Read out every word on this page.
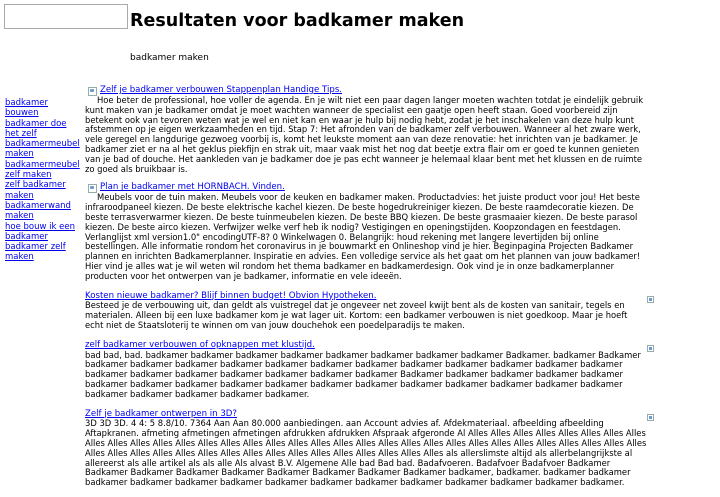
Resultaten voor badkamer maken
badkamer maken
badkamer bouwen
badkamer doe het zelf
badkamermeubel maken
badkamermeubel zelf maken
zelf badkamer maken
badkamerwand maken
hoe bouw ik een badkamer
badkamer zelf maken
Zelf je badkamer verbouwen Stappenplan Handige Tips.

Hoe beter de professional, hoe voller de agenda. En je wilt niet een paar dagen langer moeten wachten totdat je eindelijk gebruik kunt maken van je badkamer omdat je moet wachten wanneer de specialist een gaatje open heeft staan. Goed voorbereid zijn betekent ook van tevoren weten wat je wel en niet kan en waar je hulp bij nodig hebt, zodat je het inschakelen van deze hulp kunt afstemmen op je eigen werkzaamheden en tijd. Stap 7: Het afronden van de badkamer zelf verbouwen. Wanneer al het zware werk, vele geregel en langdurige gezwoeg voorbij is, komt het leukste moment aan van deze renovatie: het inrichten van je badkamer. Je badkamer ziet er na al het geklus piekfijn en strak uit, maar vaak mist het nog dat beetje extra flair om er goed te kunnen genieten van je bad of douche. Het aankleden van je badkamer doe je pas echt wanneer je helemaal klaar bent met het klussen en de ruimte zo goed als bruikbaar is.

Plan je badkamer met HORNBACH. Vinden.

Meubels voor de tuin maken. Meubels voor de keuken en badkamer maken. Productadvies: het juiste product voor jou! Het beste infraroodpaneel kiezen. De beste elektrische kachel kiezen. De beste hogedrukreiniger kiezen. De beste raamdecoratie kiezen. De beste terrasverwarmer kiezen. De beste tuinmeubelen kiezen. De beste BBQ kiezen. De beste grasmaaier kiezen. De beste parasol kiezen. De beste airco kiezen. Verfwijzer welke verf heb ik nodig? Vestigingen en openingstijden. Koopzondagen en feestdagen. Verlanglijst xml version1.0" encodingUTF-8? 0 Winkelwagen 0. Belangrijk: houd rekening met langere levertijden bij online bestellingen. Alle informatie rondom het coronavirus in je bouwmarkt en Onlineshop vind je hier. Beginpagina Projecten Badkamer plannen en inrichten Badkamerplanner. Inspiratie en advies. Een volledige service als het gaat om het plannen van jouw badkamer! Hier vind je alles wat je wil weten wil rondom het thema badkamer en badkamerdesign. Ook vind je in onze badkamerplanner producten voor het ontwerpen van je badkamer, informatie en vele ideeën.

Kosten nieuwe badkamer? Blijf binnen budget! Obvion Hypotheken.

Besteed je de verbouwing uit, dan geldt als vuistregel dat je ongeveer net zoveel kwijt bent als de kosten van sanitair, tegels en materialen. Alleen bij een luxe badkamer kom je wat lager uit. Kortom: een badkamer verbouwen is niet goedkoop. Maar je hoeft echt niet de Staatsloterij te winnen om van jouw douchehok een poedelparadijs te maken.

zelf badkamer verbouwen of opknappen met klustijd.

bad bad, bad. badkamer badkamer badkamer badkamer badkamer badkamer badkamer badkamer Badkamer. badkamer Badkamer badkamer badkamer badkamer badkamer badkamer badkamer badkamer badkamer badkamer badkamer badkamer badkamer badkamer badkamer badkamer badkamer badkamer badkamer badkamer Badkamer badkamer badkamer badkamer badkamer badkamer badkamer badkamer badkamer badkamer badkamer badkamer badkamer badkamer badkamer badkamer badkamer badkamer badkamer badkamer badkamer badkamer.

Zelf je badkamer ontwerpen in 3D?

3D 3D 3D. 4 4: 5 8.8/10. 7364 Aan Aan 80.000 aanbiedingen. aan Account advies af. Afdekmateriaal. afbeelding afbeelding Aftapkranen. afmeting afmetingen afmetingen afdrukken afdrukken Afspraak afgeronde Al Alles Alles Alles Alles Alles Alles Alles Alles Alles Alles Alles Alles Alles Alles Alles Alles Alles Alles Alles Alles Alles Alles Alles Alles Alles Alles Alles Alles Alles Alles Alles Alles Alles Alles Alles Alles Alles Alles Alles Alles Alles Alles Alles Alles Alles Alles Alles Alles Alles als allerslimste altijd als allerbelangrijkste al allereerst als alle artikel als als alle Als alvast B.V. Algemene Alle bad Bad bad. Badafvoeren. Badafvoer Badafvoer Badkamer Badkamer Badkamer Badkamer Badkamer Badkamer Badkamer Badkamer Badkamer badkamer, badkamer. badkamer badkamer badkamer badkamer badkamer badkamer badkamer badkamer badkamer badkamer badkamer badkamer badkamer badkamer.
